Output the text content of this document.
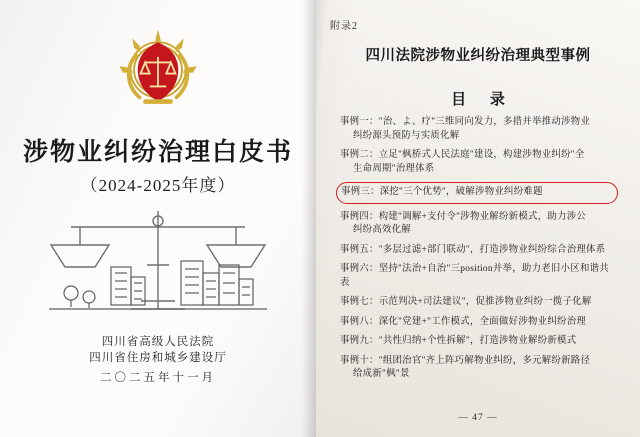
涉物业纠纷治理白皮书
（2024-2025年度）
四川省高级人民法院
四川省住房和城乡建设厅
二〇二五年十一月
附录2
四川法院涉物业纠纷治理典型事例
目 录
事例一："治、よ、疗"三维同向发力，多措并举推动涉物业
纠纷源头预防与实质化解
事例二：立足"枫桥式人民法庭"建设，构建涉物业纠纷"全
生命周期"治理体系
事例三：深挖"三个优势"，破解涉物业纠纷难题
事例四：构建"调解+支付令"涉物业解纷新模式，助力涉公
纠纷高效化解
事例五："多层过滤+部门联动"，打造涉物业纠纷综合治理体系
事例六：坚持"法治+自治"三position并举，助力老旧小区和谐共表
事例七：示范判决+司法建议"，促推涉物业纠纷一揽子化解
事例八：深化"党建+"工作模式，全面做好涉物业纠纷治理
事例九："共性归纳+个性拆解"，打造涉物业解纷新模式
事例十："组团治官"齐上阵巧解物业纠纷，多元解纷新路径
给成新"枫"景
— 47 —
